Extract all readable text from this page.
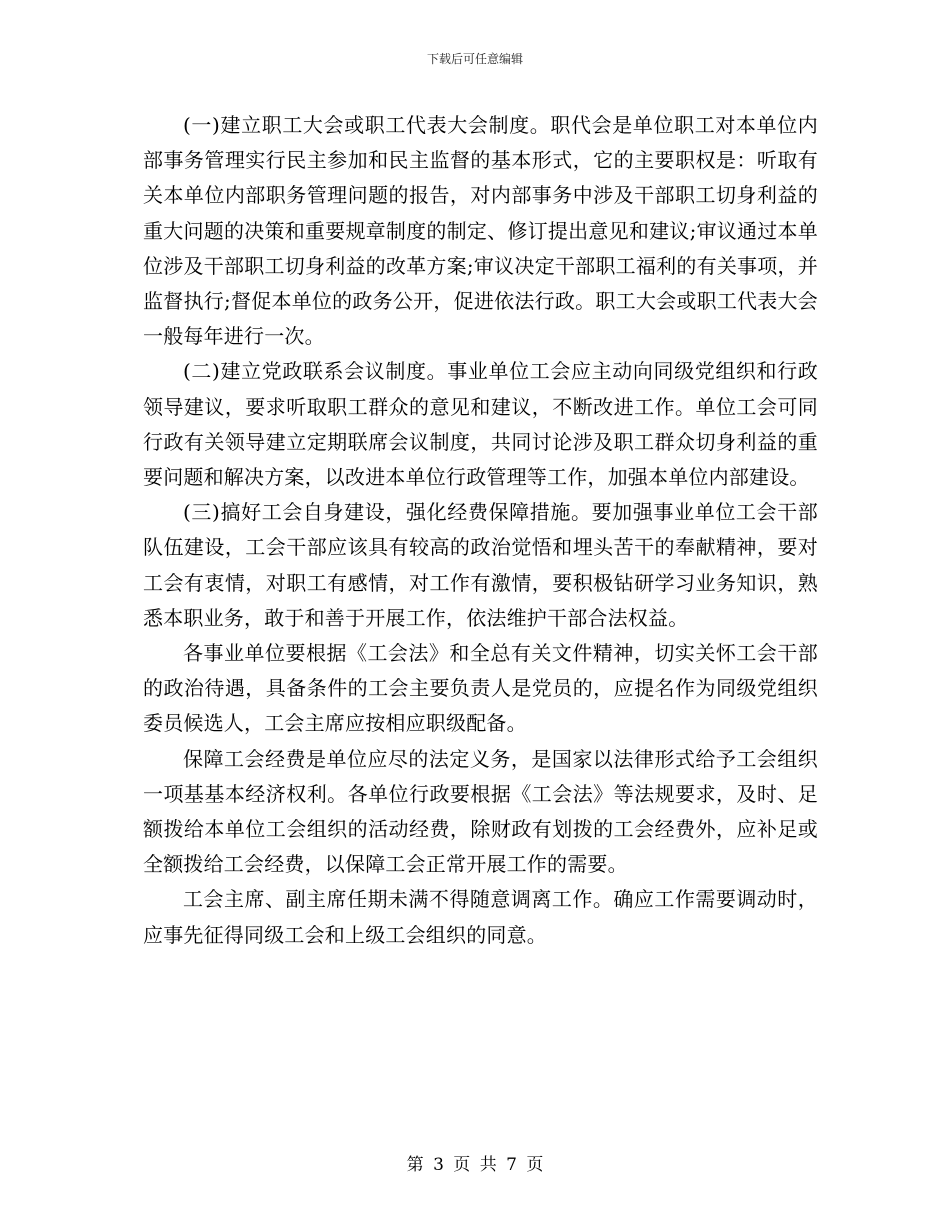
下载后可任意编辑

(一)建立职工大会或职工代表大会制度。职代会是单位职工对本单位内部事务管理实行民主参加和民主监督的基本形式，它的主要职权是：听取有关本单位内部职务管理问题的报告，对内部事务中涉及干部职工切身利益的重大问题的决策和重要规章制度的制定、修订提出意见和建议;审议通过本单位涉及干部职工切身利益的改革方案;审议决定干部职工福利的有关事项，并监督执行;督促本单位的政务公开，促进依法行政。职工大会或职工代表大会一般每年进行一次。

(二)建立党政联系会议制度。事业单位工会应主动向同级党组织和行政领导建议，要求听取职工群众的意见和建议，不断改进工作。单位工会可同行政有关领导建立定期联席会议制度，共同讨论涉及职工群众切身利益的重要问题和解决方案，以改进本单位行政管理等工作，加强本单位内部建设。

(三)搞好工会自身建设，强化经费保障措施。要加强事业单位工会干部队伍建设，工会干部应该具有较高的政治觉悟和埋头苦干的奉献精神，要对工会有衷情，对职工有感情，对工作有激情，要积极钻研学习业务知识，熟悉本职业务，敢于和善于开展工作，依法维护干部合法权益。

各事业单位要根据《工会法》和全总有关文件精神，切实关怀工会干部的政治待遇，具备条件的工会主要负责人是党员的，应提名作为同级党组织委员候选人，工会主席应按相应职级配备。

保障工会经费是单位应尽的法定义务，是国家以法律形式给予工会组织一项基基本经济权利。各单位行政要根据《工会法》等法规要求，及时、足额拨给本单位工会组织的活动经费，除财政有划拨的工会经费外，应补足或全额拨给工会经费，以保障工会正常开展工作的需要。

工会主席、副主席任期未满不得随意调离工作。确应工作需要调动时，应事先征得同级工会和上级工会组织的同意。

第 3 页 共 7 页
